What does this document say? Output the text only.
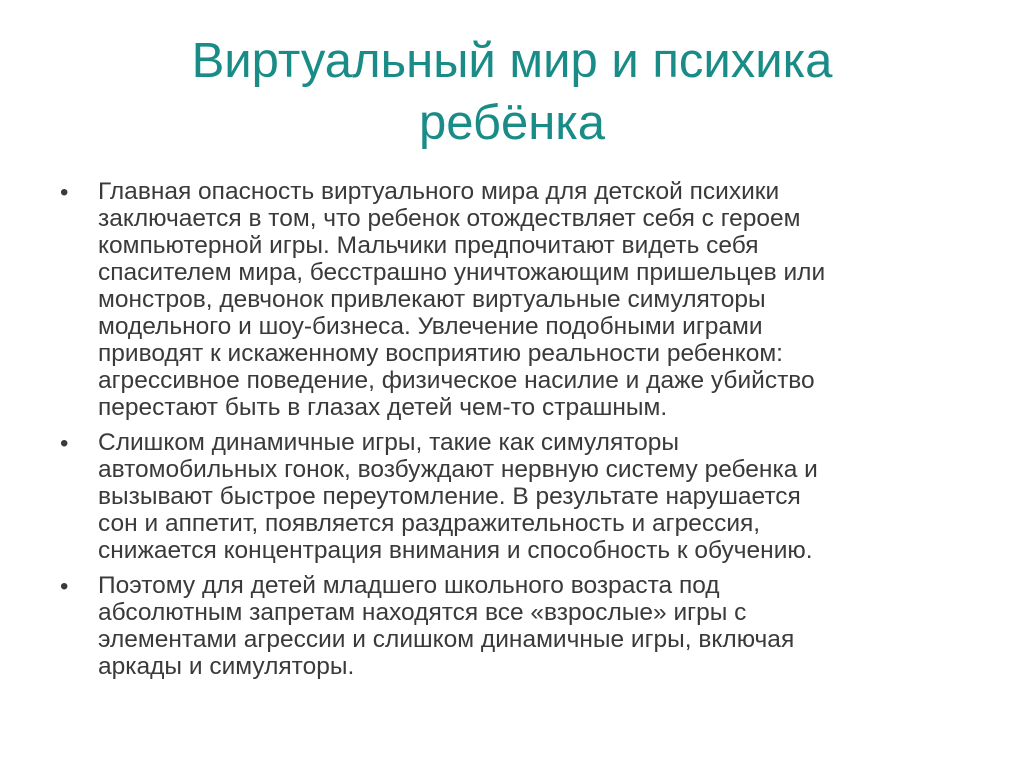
Виртуальный мир и психика
ребёнка
•	Главная опасность виртуального мира для детской психики
заключается в том, что ребенок отождествляет себя с героем
компьютерной игры. Мальчики предпочитают видеть себя
спасителем мира, бесстрашно уничтожающим пришельцев или
монстров, девчонок привлекают виртуальные симуляторы
модельного и шоу-бизнеса. Увлечение подобными играми
приводят к искаженному восприятию реальности ребенком:
агрессивное поведение, физическое насилие и даже убийство
перестают быть в глазах детей чем-то страшным.
•	Слишком динамичные игры, такие как симуляторы
автомобильных гонок, возбуждают нервную систему ребенка и
вызывают быстрое переутомление. В результате нарушается
сон и аппетит, появляется раздражительность и агрессия,
снижается концентрация внимания и способность к обучению.
•	Поэтому для детей младшего школьного возраста под
абсолютным запретам находятся все «взрослые» игры с
элементами агрессии и слишком динамичные игры, включая
аркады и симуляторы.
